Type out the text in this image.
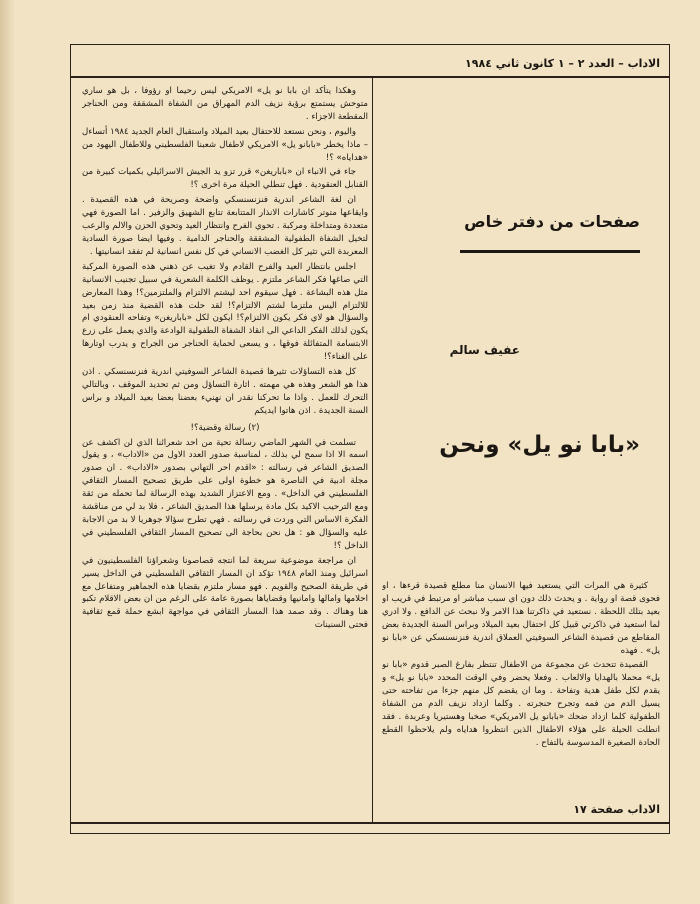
الاداب – العدد ٢ – ١ كانون ثاني ١٩٨٤
صفحات من دفتر خاص
عفيف سالم
«بابا نو يل» ونحن

وهكذا يتأكد ان بابا نو يل» الامريكي ليس رحيما او رؤوفا ، بل هو ساري متوحش يستمتع برؤية نزيف الدم المهراق من الشفاة المشققة ومن الحناجر المقطعة الاجزاء .

واليوم ، ونحن نستعد للاحتفال بعيد الميلاد واستقبال العام الجديد ١٩٨٤ أتساءل – ماذا يخطر «بابانو يل» الامريكي لاطفال شعبنا الفلسطيني وللاطفال اليهود من «هداياه» ؟!

جاء في الانباء ان «باباريغن» قرر تزو يد الجيش الاسرائيلي بكميات كبيرة من القنابل العنقودية . فهل تنطلي الحيلة مرة اخرى ؟!

ان لغة الشاعر اندرية فنزنسنسكي واضحة وصريحة في هذه القصيدة . وايقاعها متوتر كاشارات الانذار المتتابعة تتابع الشهيق والزفير . اما الصورة فهي متعددة ومتداخلة ومركبة . تحوي الفرح وانتظار العيد وتحوي الحزن والالم والرعب لتخيل الشفاة الطفولية المشققة والحناجر الدامية . وفيها ايضا صورة السادية المعربدة التي تثير كل الغضب الانساني في كل نفس انسانية لم تفقد انسانيتها .

اجلس بانتظار العيد والفرح القادم ولا تغيب عن ذهني هذه الصورة المركبة التي صاغها فكر الشاعر ملتزم . يوظف الكلمة الشعرية في سبيل تجنيب الانسانية مثل هذه البشاعة . فهل سيقوم احد ليشتم الالتزام والملتزمين؟! وهذا المعارض للالتزام اليس ملتزما لشتم الالتزام؟! لقد حلت هذه القضية منذ زمن بعيد والسؤال هو لاي فكر يكون الالتزام؟! ايكون لكل «باباريغن» وتفاحه العنقودي ام يكون لذلك الفكر الداعي الى انقاذ الشفاة الطفولية الوادعة والذي يعمل على زرع الابتسامة المتفائلة فوقها ، و يسعى لحماية الحناجر من الجراح و يدرب اوتارها على الغناء؟!

كل هذه التساؤلات تثيرها قصيدة الشاعر السوفيتي اندرية فنزنسنسكي . اذن هذا هو الشعر وهذه هي مهمته . اثارة التساؤل ومن ثم تحديد الموقف ، وبالتالي التحرك للعمل . واذا ما تحركنا نقدر ان نهنيء بعضنا بعضا بعيد الميلاد و براس السنة الجديدة . اذن هاتوا ايديكم

(٢) رسالة وقضية؟!

تسلمت في الشهر الماضي رسالة تحية من احد شعرائنا الذي لن اكشف عن اسمه الا اذا سمح لي بذلك ، لمناسبة صدور العدد الاول من «الاداب» ، و يقول الصديق الشاعر في رسالته : «اقدم احر التهاني بصدور «الاداب» . ان صدور مجلة ادبية في الناصرة هو خطوة اولى على طريق تصحيح المسار الثقافي الفلسطيني في الداخل» . ومع الاعتزاز الشديد بهذه الرسالة لما تحمله من ثقة ومع الترحيب الاكيد بكل مادة يرسلها هذا الصديق الشاعر ، فلا بد لي من مناقشة الفكرة الاساس التي وردت في رسالته . فهي تطرح سؤالا جوهريا لا بد من الاجابة عليه والسؤال هو : هل نحن بحاجة الى تصحيح المسار الثقافي الفلسطيني في الداخل ؟!

ان مراجعة موضوعية سريعة لما انتجه قصاصونا وشعراؤنا الفلسطينيون في اسرائيل ومنذ العام ١٩٤٨ تؤكد ان المسار الثقافي الفلسطيني في الداخل يسير في طريقة الصحيح والقويم . فهو مسار ملتزم بقضايا هذه الجماهير ومتفاعل مع احلامها وامالها وامانيها وقضاياها بصورة عامة على الرغم من ان بعض الاقلام تكبو هنا وهناك . وقد صمد هذا المسار الثقافي في مواجهة ابشع حملة قمع ثقافية فحتى السنينات

كثيرة هي المرات التي يستعيد فيها الانسان منا مطلع قصيدة قرءها ، او فحوى قصة او رواية . و يحدث ذلك دون اي سبب مباشر او مرتبط في قريب او بعيد بتلك اللحظة . نستعيد في ذاكرتنا هذا الامر ولا نبحث عن الدافع . ولا ادري لما استعيد في ذاكرتي قبيل كل احتفال بعيد الميلاد وبراس السنة الجديدة بعض المقاطع من قصيدة الشاعر السوفيتي العملاق اندرية فنزنسنسكي عن «بابا نو يل» . فهذه

القصيدة تتحدث عن مجموعة من الاطفال تنتظر بفارغ الصبر قدوم «بابا نو يل» محملا بالهدايا والالعاب . وفعلا يحضر وفي الوقت المحدد «بابا نو يل» و يقدم لكل طفل هدية وتفاحة . وما ان يقضم كل منهم جزءا من تفاحته حتى يسيل الدم من فمه وتجرح حنجرته . وكلما ازداد نزيف الدم من الشفاة الطفولية كلما ازداد ضحك «بابانو يل الامريكي» صخبا وهستيريا وعربدة . فقد انطلت الحيلة على هؤلاء الاطفال الذين انتظروا هداياه ولم يلاحظوا القطع الحادة الصغيرة المدسوسة بالتفاح .

الاداب صفحة ١٧
